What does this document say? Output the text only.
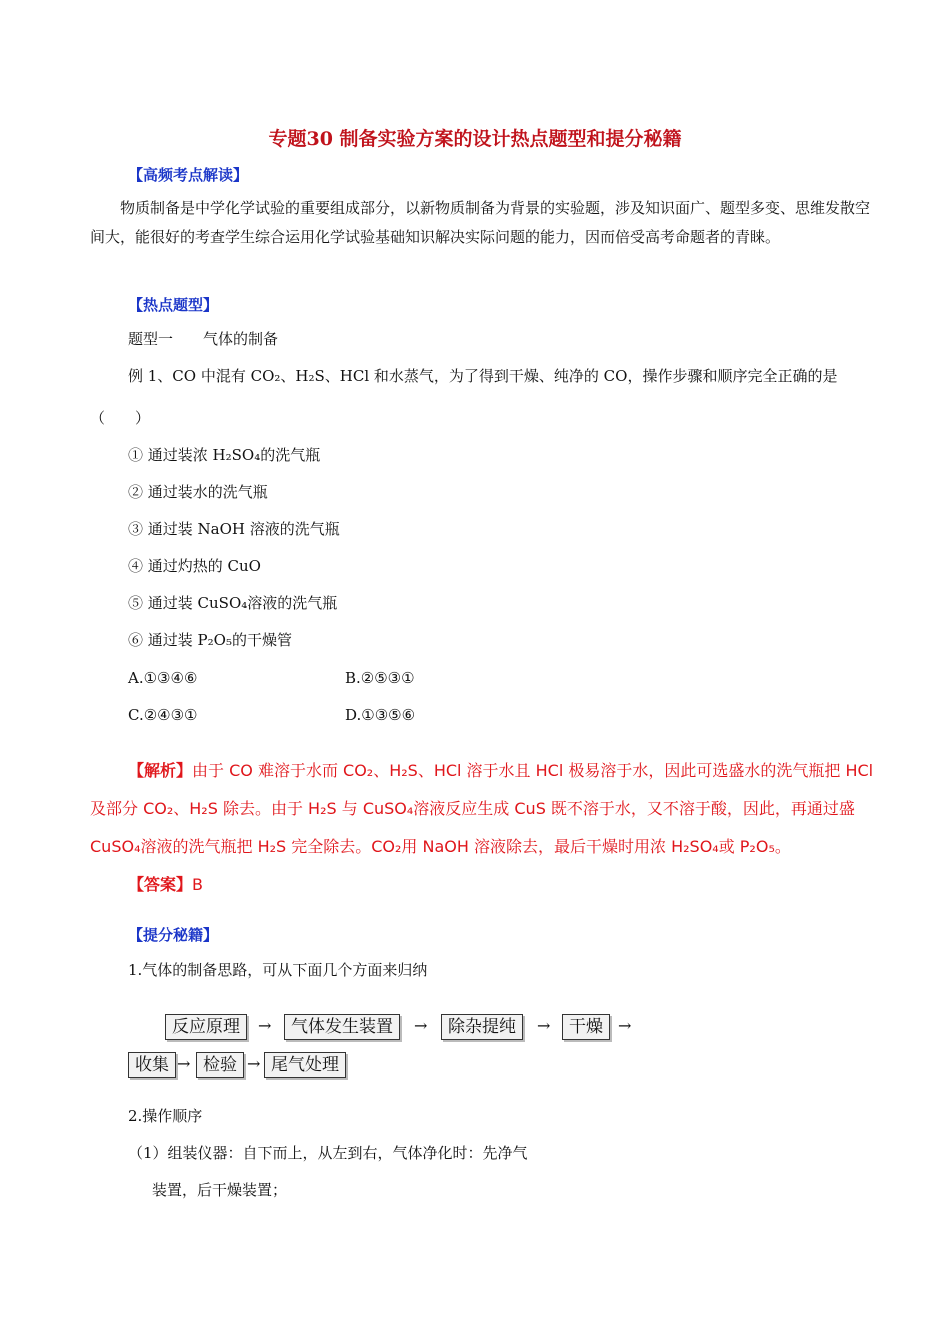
专题30 制备实验方案的设计热点题型和提分秘籍
【高频考点解读】
物质制备是中学化学试验的重要组成部分，以新物质制备为背景的实验题，涉及知识面广、题型多变、思维发散空间大，能很好的考查学生综合运用化学试验基础知识解决实际问题的能力，因而倍受高考命题者的青睐。
【热点题型】
题型一　　气体的制备
例 1、CO 中混有 CO₂、H₂S、HCl 和水蒸气，为了得到干燥、纯净的 CO，操作步骤和顺序完全正确的是
（　　）
① 通过装浓 H₂SO₄的洗气瓶
② 通过装水的洗气瓶
③ 通过装 NaOH 溶液的洗气瓶
④ 通过灼热的 CuO
⑤ 通过装 CuSO₄溶液的洗气瓶
⑥ 通过装 P₂O₅的干燥管
A.①③④⑥	B.②⑤③①
C.②④③①	D.①③⑤⑥
【解析】由于 CO 难溶于水而 CO₂、H₂S、HCl 溶于水且 HCl 极易溶于水，因此可选盛水的洗气瓶把 HCl 及部分 CO₂、H₂S 除去。由于 H₂S 与 CuSO₄溶液反应生成 CuS 既不溶于水，又不溶于酸，因此，再通过盛 CuSO₄溶液的洗气瓶把 H₂S 完全除去。CO₂用 NaOH 溶液除去，最后干燥时用浓 H₂SO₄或 P₂O₅。
【答案】B
【提分秘籍】
1.气体的制备思路，可从下面几个方面来归纳
反应原理	→	气体发生装置	→	除杂提纯	→	干燥 →
收集 → 检验 → 尾气处理
2.操作顺序
（1）组装仪器：自下而上，从左到右，气体净化时：先净气
装置，后干燥装置；
